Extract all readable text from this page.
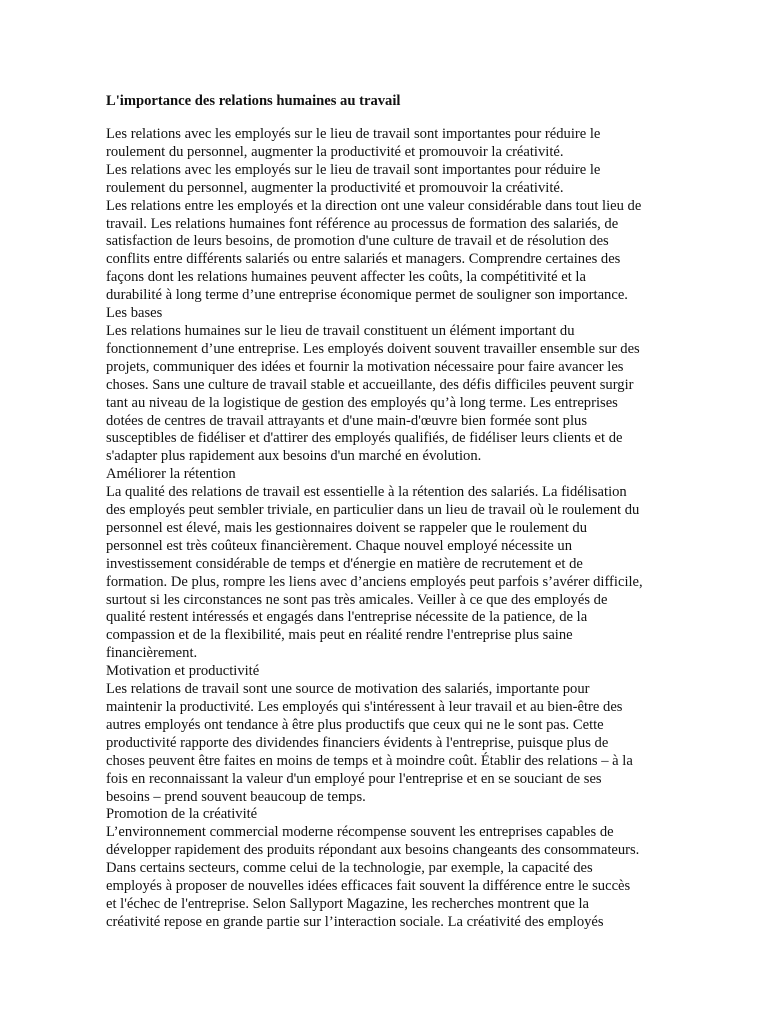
L'importance des relations humaines au travail
Les relations avec les employés sur le lieu de travail sont importantes pour réduire le
roulement du personnel, augmenter la productivité et promouvoir la créativité.
Les relations avec les employés sur le lieu de travail sont importantes pour réduire le
roulement du personnel, augmenter la productivité et promouvoir la créativité.
Les relations entre les employés et la direction ont une valeur considérable dans tout lieu de
travail. Les relations humaines font référence au processus de formation des salariés, de
satisfaction de leurs besoins, de promotion d'une culture de travail et de résolution des
conflits entre différents salariés ou entre salariés et managers. Comprendre certaines des
façons dont les relations humaines peuvent affecter les coûts, la compétitivité et la
durabilité à long terme d’une entreprise économique permet de souligner son importance.
Les bases
Les relations humaines sur le lieu de travail constituent un élément important du
fonctionnement d’une entreprise. Les employés doivent souvent travailler ensemble sur des
projets, communiquer des idées et fournir la motivation nécessaire pour faire avancer les
choses. Sans une culture de travail stable et accueillante, des défis difficiles peuvent surgir
tant au niveau de la logistique de gestion des employés qu’à long terme. Les entreprises
dotées de centres de travail attrayants et d'une main-d'œuvre bien formée sont plus
susceptibles de fidéliser et d'attirer des employés qualifiés, de fidéliser leurs clients et de
s'adapter plus rapidement aux besoins d'un marché en évolution.
Améliorer la rétention
La qualité des relations de travail est essentielle à la rétention des salariés. La fidélisation
des employés peut sembler triviale, en particulier dans un lieu de travail où le roulement du
personnel est élevé, mais les gestionnaires doivent se rappeler que le roulement du
personnel est très coûteux financièrement. Chaque nouvel employé nécessite un
investissement considérable de temps et d'énergie en matière de recrutement et de
formation. De plus, rompre les liens avec d’anciens employés peut parfois s’avérer difficile,
surtout si les circonstances ne sont pas très amicales. Veiller à ce que des employés de
qualité restent intéressés et engagés dans l'entreprise nécessite de la patience, de la
compassion et de la flexibilité, mais peut en réalité rendre l'entreprise plus saine
financièrement.
Motivation et productivité
Les relations de travail sont une source de motivation des salariés, importante pour
maintenir la productivité. Les employés qui s'intéressent à leur travail et au bien-être des
autres employés ont tendance à être plus productifs que ceux qui ne le sont pas. Cette
productivité rapporte des dividendes financiers évidents à l'entreprise, puisque plus de
choses peuvent être faites en moins de temps et à moindre coût. Établir des relations – à la
fois en reconnaissant la valeur d'un employé pour l'entreprise et en se souciant de ses
besoins – prend souvent beaucoup de temps.
Promotion de la créativité
L’environnement commercial moderne récompense souvent les entreprises capables de
développer rapidement des produits répondant aux besoins changeants des consommateurs.
Dans certains secteurs, comme celui de la technologie, par exemple, la capacité des
employés à proposer de nouvelles idées efficaces fait souvent la différence entre le succès
et l'échec de l'entreprise. Selon Sallyport Magazine, les recherches montrent que la
créativité repose en grande partie sur l’interaction sociale. La créativité des employés
